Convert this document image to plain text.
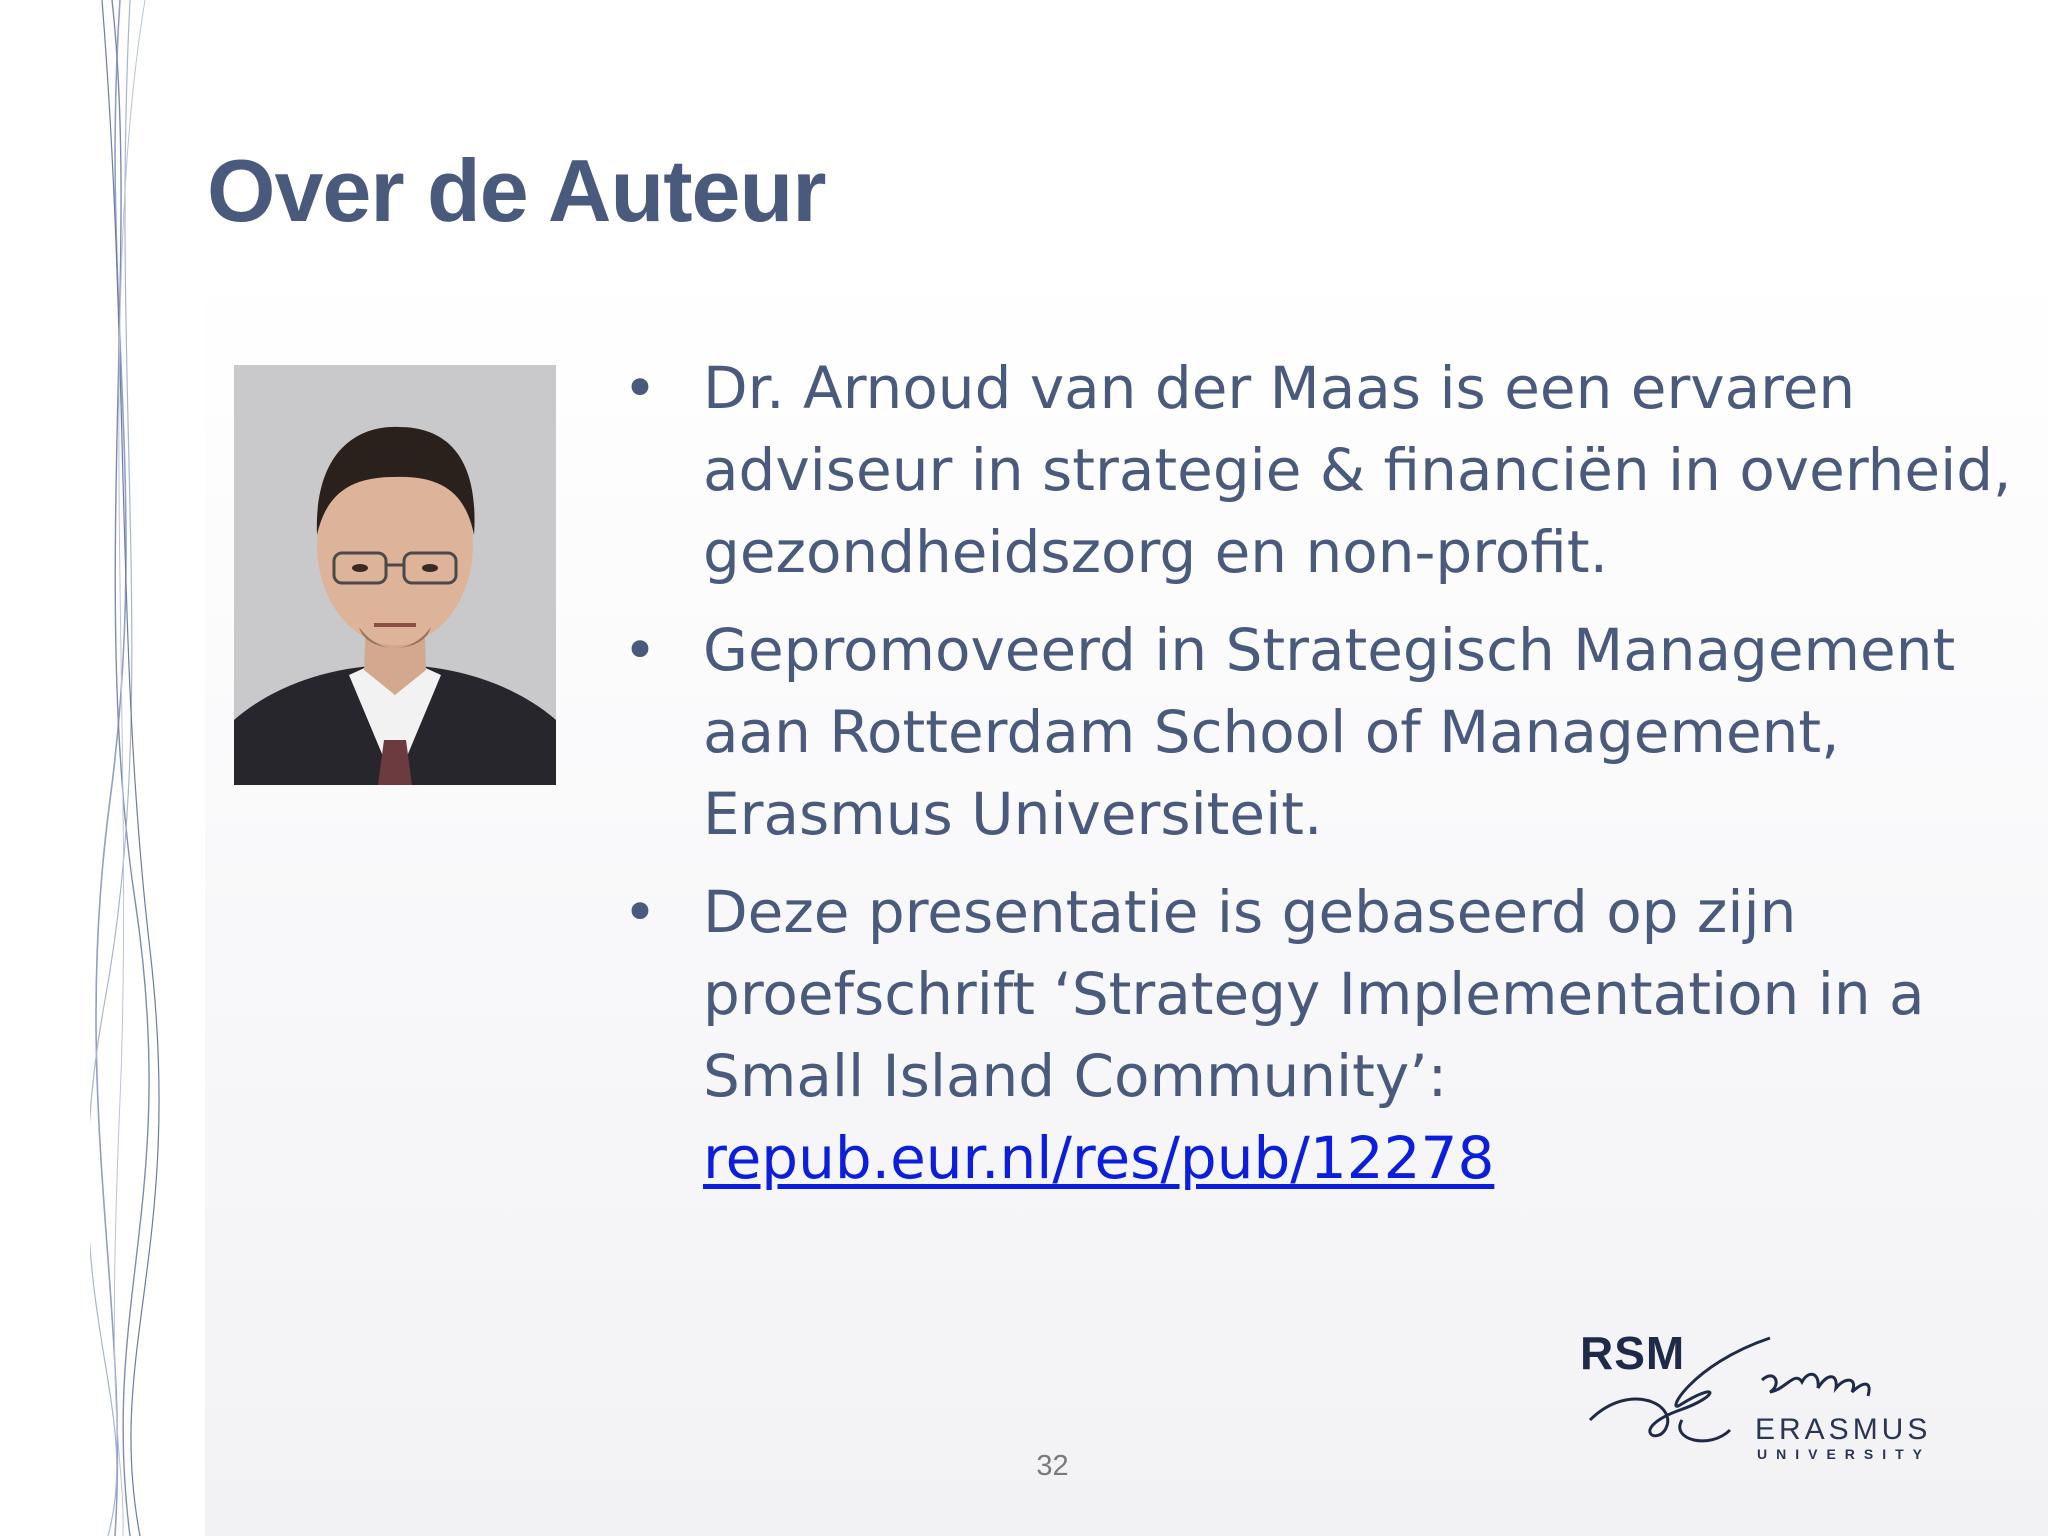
Over de Auteur
• Dr. Arnoud van der Maas is een ervaren adviseur in strategie & financiën in overheid, gezondheidszorg en non-profit.
• Gepromoveerd in Strategisch Management aan Rotterdam School of Management, Erasmus Universiteit.
• Deze presentatie is gebaseerd op zijn proefschrift ‘Strategy Implementation in a Small Island Community’:
repub.eur.nl/res/pub/12278
32
RSM
ERASMUS
UNIVERSITY
